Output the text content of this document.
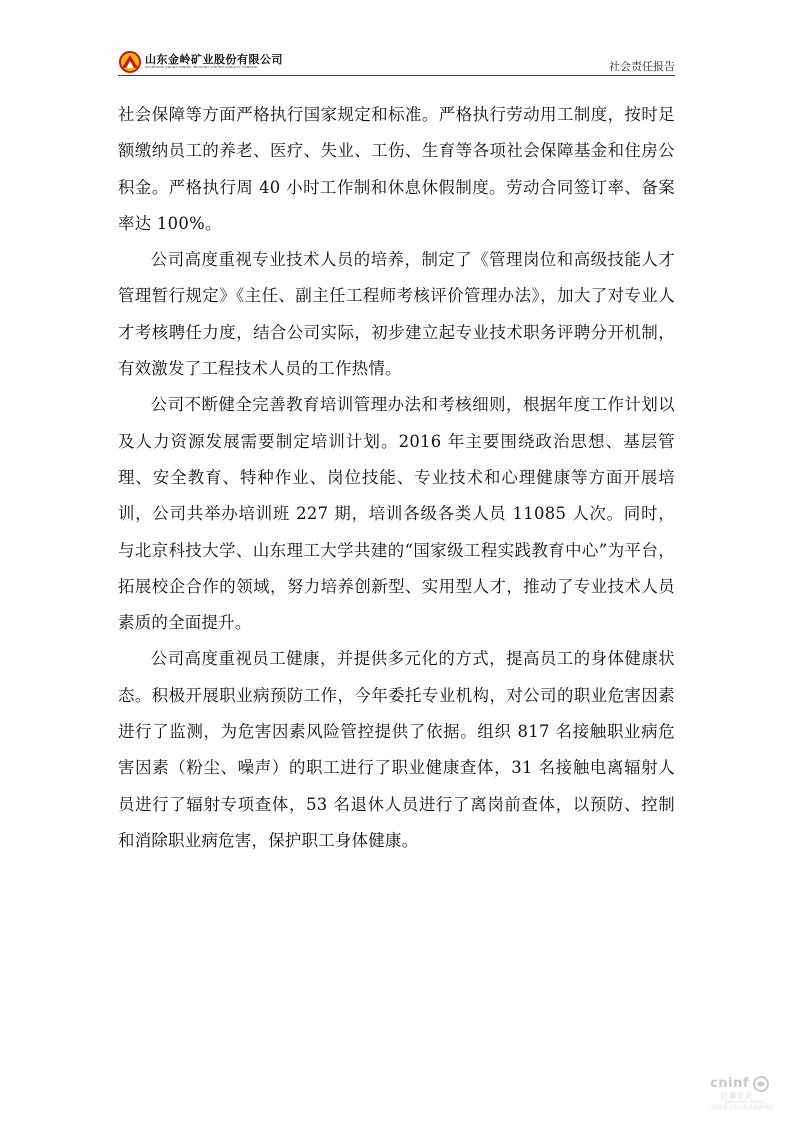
山东金岭矿业股份有限公司
SHANDONG JINLING MINING INDUSTRY LIMITED LIABILITY COMPANY	社会责任报告

社会保障等方面严格执行国家规定和标准。严格执行劳动用工制度，按时足额缴纳员工的养老、医疗、失业、工伤、生育等各项社会保障基金和住房公积金。严格执行周 40 小时工作制和休息休假制度。劳动合同签订率、备案率达 100%。

公司高度重视专业技术人员的培养，制定了《管理岗位和高级技能人才管理暂行规定》《主任、副主任工程师考核评价管理办法》，加大了对专业人才考核聘任力度，结合公司实际，初步建立起专业技术职务评聘分开机制，有效激发了工程技术人员的工作热情。

公司不断健全完善教育培训管理办法和考核细则，根据年度工作计划以及人力资源发展需要制定培训计划。2016 年主要围绕政治思想、基层管理、安全教育、特种作业、岗位技能、专业技术和心理健康等方面开展培训，公司共举办培训班 227 期，培训各级各类人员 11085 人次。同时，与北京科技大学、山东理工大学共建的“国家级工程实践教育中心”为平台，拓展校企合作的领域，努力培养创新型、实用型人才，推动了专业技术人员素质的全面提升。

公司高度重视员工健康，并提供多元化的方式，提高员工的身体健康状态。积极开展职业病预防工作，今年委托专业机构，对公司的职业危害因素进行了监测，为危害因素风险管控提供了依据。组织 817 名接触职业病危害因素（粉尘、噪声）的职工进行了职业健康查体，31 名接触电离辐射人员进行了辐射专项查体，53 名退休人员进行了离岗前查体，以预防、控制和消除职业病危害，保护职工身体健康。

cninf
巨潮资讯
www.cninfo.com.cn
中国证监会指定信息披露网站
